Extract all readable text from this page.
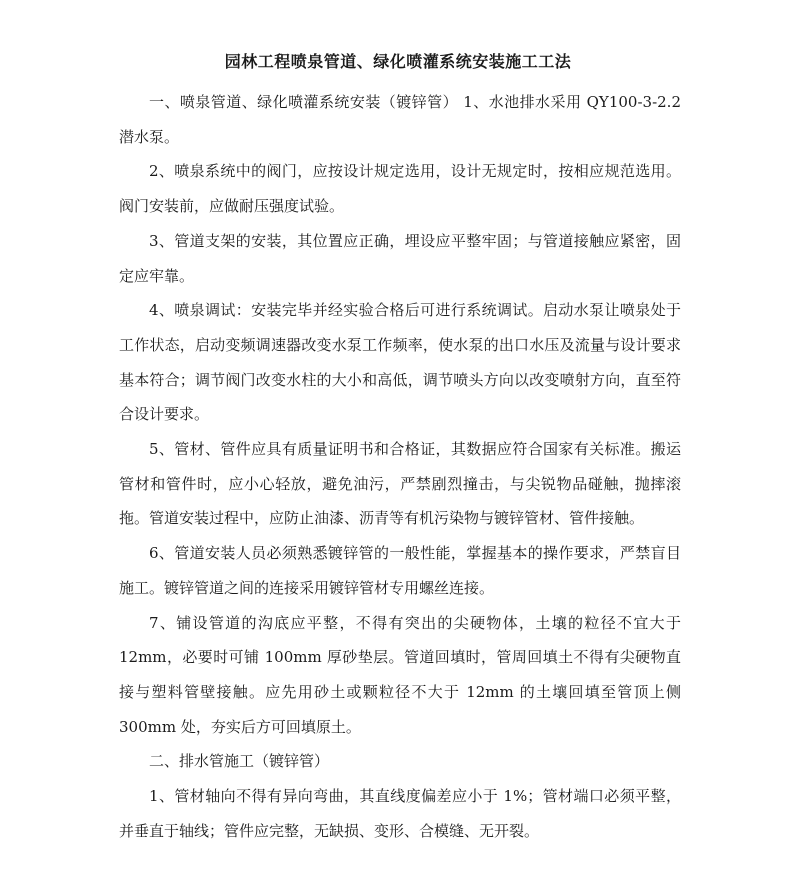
园林工程喷泉管道、绿化喷灌系统安装施工工法

一、喷泉管道、绿化喷灌系统安装（镀锌管） 1、水池排水采用 QY100-3-2.2 潜水泵。

2、喷泉系统中的阀门，应按设计规定选用，设计无规定时，按相应规范选用。阀门安装前，应做耐压强度试验。

3、管道支架的安装，其位置应正确，埋设应平整牢固；与管道接触应紧密，固定应牢靠。

4、喷泉调试：安装完毕并经实验合格后可进行系统调试。启动水泵让喷泉处于工作状态，启动变频调速器改变水泵工作频率，使水泵的出口水压及流量与设计要求基本符合；调节阀门改变水柱的大小和高低，调节喷头方向以改变喷射方向，直至符合设计要求。

5、管材、管件应具有质量证明书和合格证，其数据应符合国家有关标准。搬运管材和管件时，应小心轻放，避免油污，严禁剧烈撞击，与尖锐物品碰触，抛摔滚拖。管道安装过程中，应防止油漆、沥青等有机污染物与镀锌管材、管件接触。

6、管道安装人员必须熟悉镀锌管的一般性能，掌握基本的操作要求，严禁盲目施工。镀锌管道之间的连接采用镀锌管材专用螺丝连接。

7、铺设管道的沟底应平整，不得有突出的尖硬物体，土壤的粒径不宜大于 12mm，必要时可铺 100mm 厚砂垫层。管道回填时，管周回填土不得有尖硬物直接与塑料管壁接触。应先用砂土或颗粒径不大于 12mm 的土壤回填至管顶上侧 300mm 处，夯实后方可回填原土。

二、排水管施工（镀锌管）

1、管材轴向不得有异向弯曲，其直线度偏差应小于 1%；管材端口必须平整，并垂直于轴线；管件应完整，无缺损、变形、合模缝、无开裂。
